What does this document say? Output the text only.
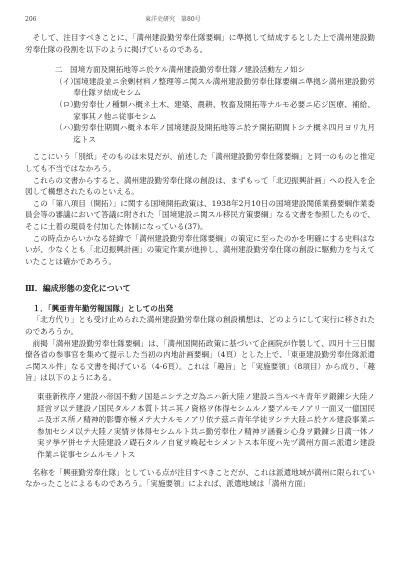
206	東洋史研究　第80号

そして、注目すべきことに、「満州建設勤労奉仕隊要綱」に準拠して結成するとした上で満州建設勤労奉仕隊の役割を以下のように掲げているのである。

二　国境方面及開拓地等ニ於ケル満州建設勤労奉仕隊ノ建設活動左ノ如シ
（イ）国境建設並ニ余剰材料ノ整理等ニ関スル満州建設勤労奉仕隊要綱ニ準拠シ満州建設勤労奉仕隊ヲ結成セシム
（ロ）勤労奉仕ノ種類ハ概ネ土木、建築、農耕、牧畜及開拓等ナルモ必要ニ応ジ医療、補給、家事其ノ他ニ従事セシム
（ハ）勤労奉仕期間ハ概ネ本年ノ国境建設及開拓地等ニ於テ開拓期間トシテ概ネ四月ヨリ九月迄トス

ここにいう「別紙」そのものは未見だが、前述した「満州建設勤労奉仕隊要綱」と同一のものと推定しても不当ではなかろう。

これらの文書からすると、満州建設勤労奉仕隊の創設は、まずもって「北辺振興計画」への投入を企図して構想されたものといえる。

この「第八項目（開拓）」に関する国境開拓政策は、1938年2月10日の国境建設関係業務要綱作業委員会等の審議において答議に附された「国境建設ニ関スル移民方策要綱」なる文書を参照したもので、そこに土着の現員を付加した体制になっている(37)。

この時点からいかなる経緯で「満州建設勤労奉仕隊要綱」の策定に至ったのかを明確にする史料はないが、少なくとも「北辺振興計画」の策定作業が進捗し、満州建設勤労奉仕隊の創設に駆動力を与えていたことは確かであろう。

Ⅲ．編成形態の変化について
１．「興亜青年勤労報国隊」としての出発

「北方代り」とも受け止められた満州建設勤労奉仕隊の創設構想は、どのようにして実行に移されたのであろうか。

前掲「満州建設勤労奉仕隊要綱」は、「満州国開拓政策に基づいて企画院が作製して、四月十三日閣僚各省の参事官を集めて提示した当初の内地計画要綱」（4頁）とした上で、「東亜建設勤労奉仕隊派遣ニ関スル件」なる文書を掲げている（4-6頁）。これは「趣旨」と「実施要領」（8項目）から成り、「趣旨」は以下のようにある。

東亜新秩序ノ建設ハ帝国不動ノ国是ニシテ之ガ為ニハ新大陸ノ建設ニ当ルベキ青年ヲ鍛錬シ大陸ノ経営ヲ以テ建設ノ国民タルノ本質ト共ニ其ノ資格ヲ体得セシムルノ要アルモノアリ一面又一億国民ニ及ボス所ノ精神的影響亦極メテ大ナルモノアリ依テ茲ニ青年学徒ヲシテ大陸ニ於ケル建設事業ニ参加セシメ以テ大陸ノ実情ヲ体得セシムルト共ニ勤労奉仕ノ精神ヲ涵養シ心身ヲ鍛錬シ日満一体ノ実ヲ挙ゲ併セテ大陸建設ノ礎石タルノ自覚ヲ喚起セシメントス本年度ハ先ヅ満州方面ニ派遣シ建設作業ニ従事セシムルモノトス

名称を「興亜勤労奉仕隊」としている点が注目すべきことだが、これは派遣地域が満州に限られていなかったことによるものであろう。「実施要領」によれば、派遣地域は「満州方面」
